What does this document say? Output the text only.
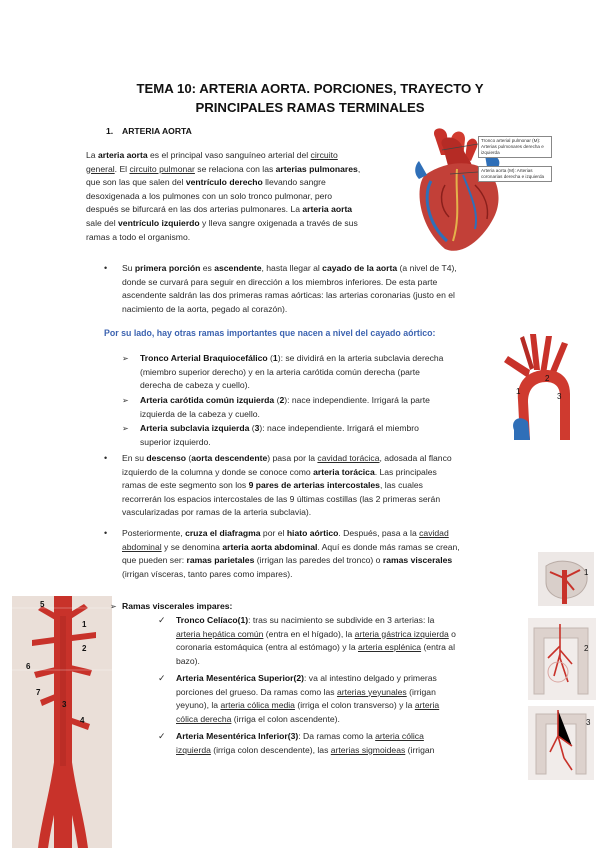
TEMA 10: ARTERIA AORTA. PORCIONES, TRAYECTO Y
PRINCIPALES RAMAS TERMINALES
1. ARTERIA AORTA
La arteria aorta es el principal vaso sanguíneo arterial del circuito
general. El circuito pulmonar se relaciona con las arterias pulmonares,
que son las que salen del ventrículo derecho llevando sangre
desoxigenada a los pulmones con un solo tronco pulmonar, pero
después se bifurcará en las dos arterias pulmonares. La arteria aorta
sale del ventrículo izquierdo y lleva sangre oxigenada a través de sus
ramas a todo el organismo.
Tronco arterial pulmonar (M): Arterias pulmonares derecha e izquierda
Arteria aorta (M): Arterias coronarias derecha e izquierda
• Su primera porción es ascendente, hasta llegar al cayado de la aorta (a nivel de T4),
donde se curvará para seguir en dirección a los miembros inferiores. De esta parte
ascendente saldrán las dos primeras ramas aórticas: las arterias coronarias (justo en el
nacimiento de la aorta, pegado al corazón).
Por su lado, hay otras ramas importantes que nacen a nivel del cayado aórtico:
➢ Tronco Arterial Braquiocefálico (1): se dividirá en la arteria subclavia derecha
(miembro superior derecho) y en la arteria carótida común derecha (parte
derecha de cabeza y cuello).
➢ Arteria carótida común izquierda (2): nace independiente. Irrigará la parte
izquierda de la cabeza y cuello.
➢ Arteria subclavia izquierda (3): nace independiente. Irrigará el miembro
superior izquierdo.
1
2
3
• En su descenso (aorta descendente) pasa por la cavidad torácica, adosada al flanco
izquierdo de la columna y donde se conoce como arteria torácica. Las principales
ramas de este segmento son los 9 pares de arterias intercostales, las cuales
recorrerán los espacios intercostales de las 9 últimas costillas (las 2 primeras serán
vascularizadas por ramas de la arteria subclavia).
• Posteriormente, cruza el diafragma por el hiato aórtico. Después, pasa a la cavidad
abdominal y se denomina arteria aorta abdominal. Aquí es donde más ramas se crean,
que pueden ser: ramas parietales (irrigan las paredes del tronco) o ramas viscerales
(irrigan vísceras, tanto pares como impares).
5
1
2
6
7
3
4
➢ Ramas viscerales impares:
✓ Tronco Celíaco(1): tras su nacimiento se subdivide en 3 arterias: la
arteria hepática común (entra en el hígado), la arteria gástrica izquierda o
coronaria estomáquica (entra al estómago) y la arteria esplénica (entra al
bazo).
✓ Arteria Mesentérica Superior(2): va al intestino delgado y primeras
porciones del grueso. Da ramas como las arterias yeyunales (irrigan
yeyuno), la arteria cólica media (irriga el colon transverso) y la arteria
cólica derecha (irriga el colon ascendente).
✓ Arteria Mesentérica Inferior(3): Da ramas como la arteria cólica
izquierda (irriga colon descendente), las arterias sigmoideas (irrigan
2
1
3
